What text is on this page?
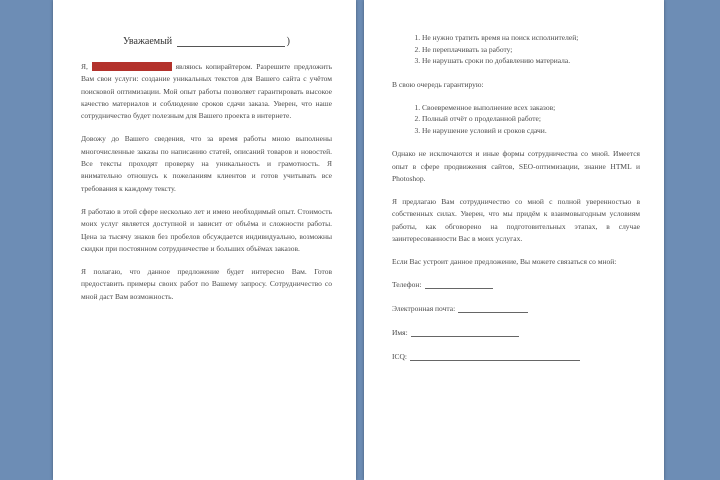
Уважаемый	)

Я, Фамилия Имя Отчество являюсь копирайтером. Разрешите предложить Вам свои услуги: создание уникальных текстов для Вашего сайта с учётом поисковой оптимизации. Мой опыт работы позволяет гарантировать высокое качество материалов и соблюдение сроков сдачи заказа. Уверен, что наше сотрудничество будет полезным для Вашего проекта в интернете.

Довожу до Вашего сведения, что за время работы мною выполнены многочисленные заказы по написанию статей, описаний товаров и новостей. Все тексты проходят проверку на уникальность и грамотность. Я внимательно отношусь к пожеланиям клиентов и готов учитывать все требования к каждому тексту.

Я работаю в этой сфере несколько лет и имею необходимый опыт. Стоимость моих услуг является доступной и зависит от объёма и сложности работы. Цена за тысячу знаков без пробелов обсуждается индивидуально, возможны скидки при постоянном сотрудничестве и больших объёмах заказов.

Я полагаю, что данное предложение будет интересно Вам. Готов предоставить примеры своих работ по Вашему запросу. Сотрудничество со мной даст Вам возможность.

1. Не нужно тратить время на поиск исполнителей;
2. Не переплачивать за работу;
3. Не нарушать сроки по добавлению материала.

В свою очередь гарантирую:

1. Своевременное выполнение всех заказов;
2. Полный отчёт о проделанной работе;
3. Не нарушение условий и сроков сдачи.

Однако не исключаются и иные формы сотрудничества со мной. Имеется опыт в сфере продвижения сайтов, SEO-оптимизации, знание HTML и Photoshop.

Я предлагаю Вам сотрудничество со мной с полной уверенностью в собственных силах. Уверен, что мы придём к взаимовыгодным условиям работы, как обговорено на подготовительных этапах, в случае заинтересованности Вас в моих услугах.

Если Вас устроит данное предложение, Вы можете связаться со мной:

Телефон:
Электронная почта:
Имя:
ICQ:
